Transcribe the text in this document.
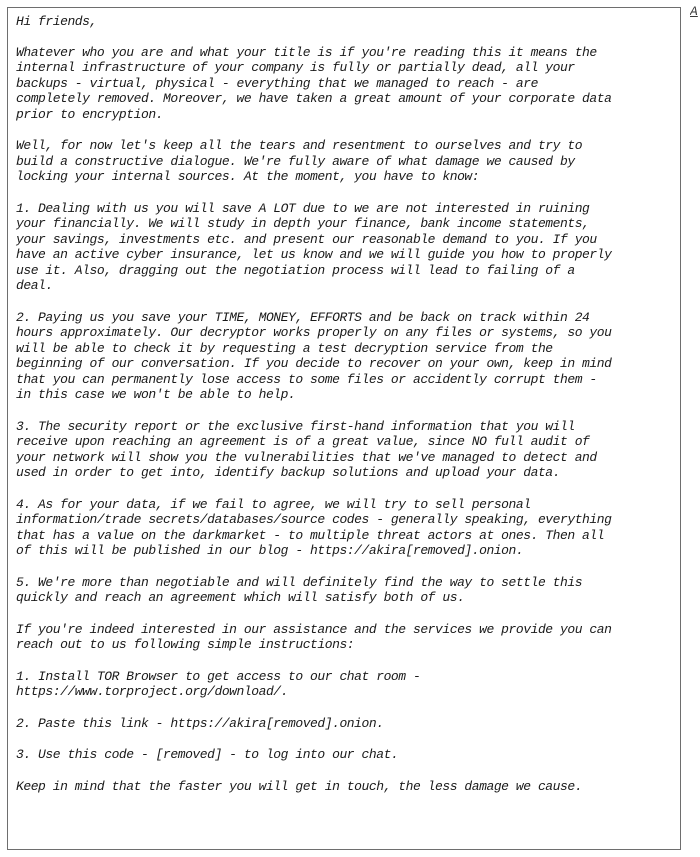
Hi friends,

Whatever who you are and what your title is if you're reading this it means the
internal infrastructure of your company is fully or partially dead, all your
backups - virtual, physical - everything that we managed to reach - are
completely removed. Moreover, we have taken a great amount of your corporate data
prior to encryption.

Well, for now let's keep all the tears and resentment to ourselves and try to
build a constructive dialogue. We're fully aware of what damage we caused by
locking your internal sources. At the moment, you have to know:

1. Dealing with us you will save A LOT due to we are not interested in ruining
your financially. We will study in depth your finance, bank income statements,
your savings, investments etc. and present our reasonable demand to you. If you
have an active cyber insurance, let us know and we will guide you how to properly
use it. Also, dragging out the negotiation process will lead to failing of a
deal.

2. Paying us you save your TIME, MONEY, EFFORTS and be back on track within 24
hours approximately. Our decryptor works properly on any files or systems, so you
will be able to check it by requesting a test decryption service from the
beginning of our conversation. If you decide to recover on your own, keep in mind
that you can permanently lose access to some files or accidently corrupt them -
in this case we won't be able to help.

3. The security report or the exclusive first-hand information that you will
receive upon reaching an agreement is of a great value, since NO full audit of
your network will show you the vulnerabilities that we've managed to detect and
used in order to get into, identify backup solutions and upload your data.

4. As for your data, if we fail to agree, we will try to sell personal
information/trade secrets/databases/source codes - generally speaking, everything
that has a value on the darkmarket - to multiple threat actors at ones. Then all
of this will be published in our blog - https://akira[removed].onion.

5. We're more than negotiable and will definitely find the way to settle this
quickly and reach an agreement which will satisfy both of us.

If you're indeed interested in our assistance and the services we provide you can
reach out to us following simple instructions:

1. Install TOR Browser to get access to our chat room -
https://www.torproject.org/download/.

2. Paste this link - https://akira[removed].onion.

3. Use this code - [removed] - to log into our chat.

Keep in mind that the faster you will get in touch, the less damage we cause.

A
